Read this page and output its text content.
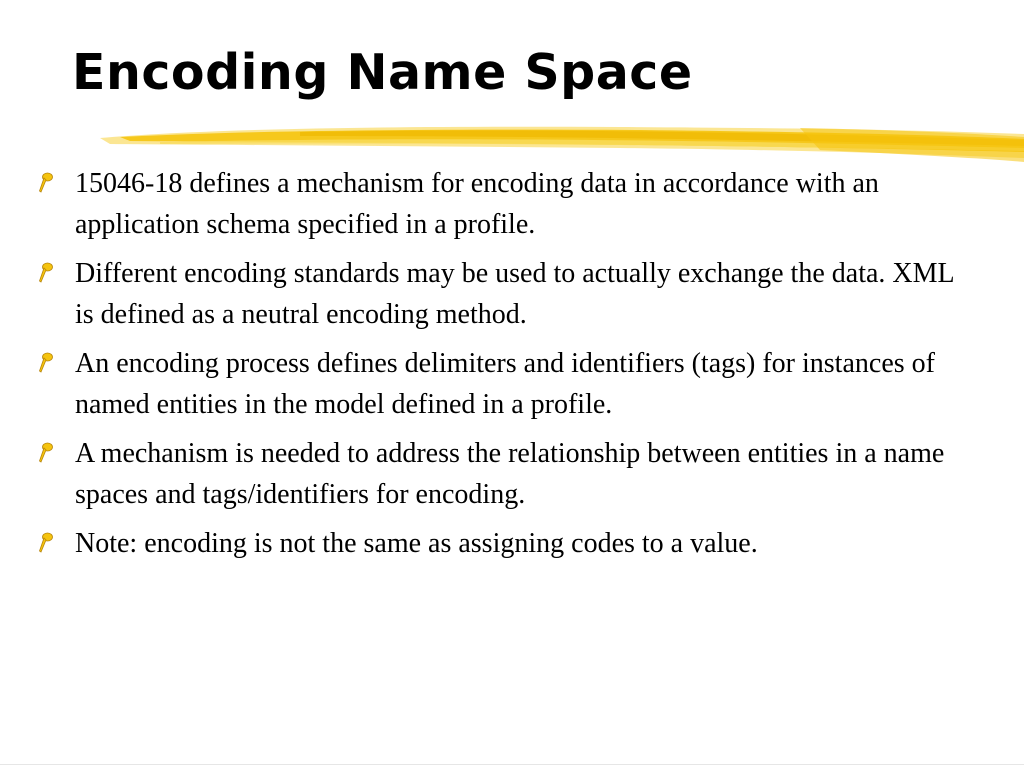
Encoding Name Space
15046-18 defines a mechanism for encoding data in accordance with an application schema specified in a profile.
Different encoding standards may be used to actually exchange the data. XML is defined as a neutral encoding method.
An encoding process defines delimiters and identifiers (tags) for instances of named entities in the model defined in a profile.
A mechanism is needed to address the relationship between entities in a name spaces and tags/identifiers for encoding.
Note: encoding is not the same as assigning codes to a value.
